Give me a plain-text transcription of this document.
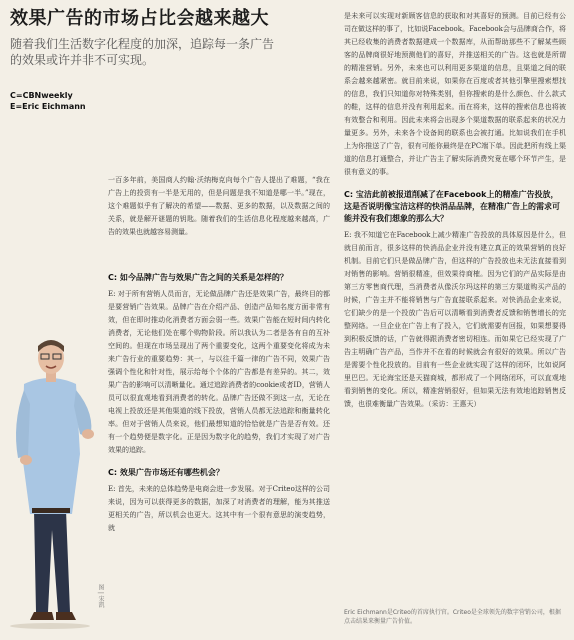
效果广告的市场占比会越来越大

随着我们生活数字化程度的加深，追踪每一条广告的效果或许并非不可实现。

C=CBNweekly
E=Eric Eichmann

一百多年前，美国商人约翰·沃纳梅克向每个广告人提出了难题，“我在广告上的投资有一半是无用的，但是问题是我不知道是哪一半。”现在，这个难题似乎有了解决的希望——数据、更多的数据，以及数据之间的关系，就是解开谜题的钥匙。随着我们的生活信息化程度越来越高，广告的效果也就越容易测量。

C: 如今品牌广告与效果广告之间的关系是怎样的？

E: 对于所有营销人员而言，无论做品牌广告还是效果广告，最终目的都是要营销广告效果。品牌广告在介绍产品、创造产品知名度方面非常有效，但在即时推动化消费者方面会弱一些。效果广告能在短时间内转化消费者，无论他们处在哪个购物阶段。所以我认为二者是各有自的互补空间的。但现在市场呈现出了两个重要变化，这两个重要变化将成为未来广告行业的重要趋势：其一，与以往千篇一律的广告不同，效果广告强调个性化和针对性，展示给每个个体的广告都是有差异的。其二，效果广告的影响可以清晰量化。通过追踪消费者的cookie或者ID，营销人员可以很直观地看到消费者的转化。品牌广告还做不到这一点，无论在电视上投放还是其他渠道的线下投放，营销人员都无法追踪和衡量转化率。但对于营销人员来说，他们最想知道的恰恰就是广告是否有效。还有一个趋势便是数字化。正是因为数字化的趋势，我们才实现了对广告效果的追踪。

C: 效果广告市场还有哪些机会？

E: 首先，未来的总体趋势是电商会进一步发展。对于Criteo这样的公司来说，因为可以获得更多的数据，加深了对消费者的理解，能为其推送更相关的广告，所以机会也更大。这其中有一个很有意思的演变趋势，就

图 | 宋凯

是未来可以实现对新顾客信息的获取和对其喜好的预测。目前已经有公司在做这样的事了，比如说Facebook。Facebook会与品牌商合作，将其已经收集的消费者数据建成一个数据库，从而帮助那些不了解某些顾客的品牌商很好地预测他们的喜好，并推送相关的广告。这也就是所谓的精准营销。另外，未来也可以利用更多渠道的信息，且渠道之间的联系会越来越紧密。就目前来说，如果你在百度或者其他引擎里搜索想找的信息，我们只知道你对特殊类别，但你搜索的是什么颜色、什么款式的鞋，这样的信息并没有利用起来。而在将来，这样的搜索信息也将被有效整合和利用。因此未来将会出现多个渠道数据的联系起来的状况力量更多。另外，未来各个设备间的联系也会被打通。比如说我们在手机上为你推送了广告，很有可能你最终是在PC端下单。因此把所有线上渠道的信息打通整合，并让广告主了解实际消费究竟在哪个环节产生，是很有意义的事。

C: 宝洁此前被报道削减了在Facebook上的精准广告投放，这是否说明像宝洁这样的快消品品牌，在精准广告上的需求可能并没有我们想象的那么大？

E: 我不知道它在Facebook上减少精准广告投放的具体原因是什么，但就目前而言，很多这样的快消品企业并没有建立真正的效果营销的良好机制。目前它们只是做品牌广告，但这样的广告投放也未无法直接看到对销售的影响。营销很精准，但效果待商榷。因为它们的产品实际是由第三方零售商代理，当消费者从像沃尔玛这样的第三方渠道购买产品的时候，广告主并不能将销售与广告直接联系起来。对快消品企业来说，它们缺少的是一个投放广告后可以清晰看到消费者反馈和销售增长的完整网络。一旦企业在广告上有了投入，它们就需要有回报，如果想要得到积极反馈的话，广告就得跟消费者密切相连。而如果它已经实现了广告主明确广告产品，当作并不在看的时候就会有很好的效果。所以广告是需要个性化投放的。目前有一些企业就实现了这样的闭环，比如说阿里巴巴。无论海宝还是天猫商城，都形成了一个网络闭环，可以直观地看到销售的变化。所以，精准营销很好，但如果无法有效地追踪销售反馈，也很难衡量广告效果。（采访：王惠天）

Eric Eichmann是Criteo的首席执行官。Criteo是全球领先的数字营销公司，根据点击结果来衡量广告价值。
